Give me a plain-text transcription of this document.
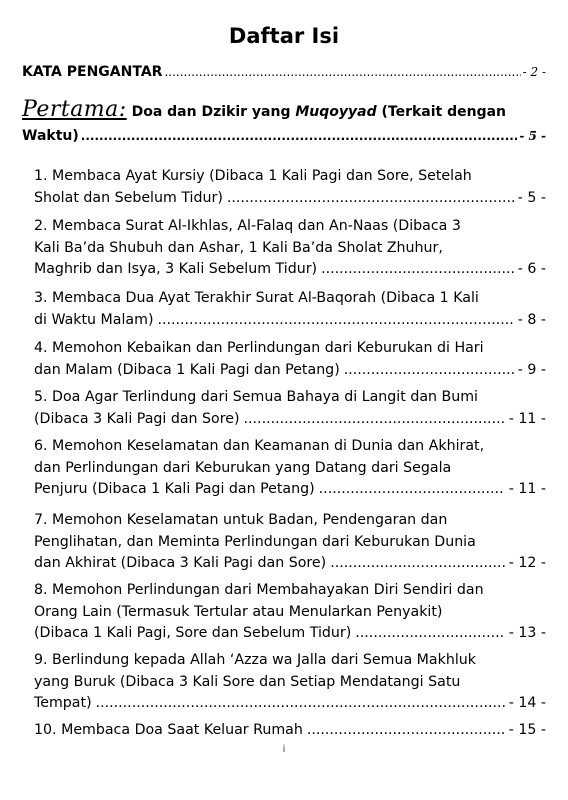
Daftar Isi
KATA PENGANTAR .....	- 2 -
Pertama: Doa dan Dzikir yang Muqoyyad (Terkait dengan
Waktu) .....	- 5 -
1. Membaca Ayat Kursiy (Dibaca 1 Kali Pagi dan Sore, Setelah
Sholat dan Sebelum Tidur) .....	- 5 -
2. Membaca Surat Al-Ikhlas, Al-Falaq dan An-Naas (Dibaca 3
Kali Ba’da Shubuh dan Ashar, 1 Kali Ba’da Sholat Zhuhur,
Maghrib dan Isya, 3 Kali Sebelum Tidur) .....	- 6 -
3. Membaca Dua Ayat Terakhir Surat Al-Baqorah (Dibaca 1 Kali
di Waktu Malam) .....	- 8 -
4. Memohon Kebaikan dan Perlindungan dari Keburukan di Hari
dan Malam (Dibaca 1 Kali Pagi dan Petang) .....	- 9 -
5. Doa Agar Terlindung dari Semua Bahaya di Langit dan Bumi
(Dibaca 3 Kali Pagi dan Sore) .....	- 11 -
6. Memohon Keselamatan dan Keamanan di Dunia dan Akhirat,
dan Perlindungan dari Keburukan yang Datang dari Segala
Penjuru (Dibaca 1 Kali Pagi dan Petang) .....	- 11 -
7. Memohon Keselamatan untuk Badan, Pendengaran dan
Penglihatan, dan Meminta Perlindungan dari Keburukan Dunia
dan Akhirat (Dibaca 3 Kali Pagi dan Sore) .....	- 12 -
8. Memohon Perlindungan dari Membahayakan Diri Sendiri dan
Orang Lain (Termasuk Tertular atau Menularkan Penyakit)
(Dibaca 1 Kali Pagi, Sore dan Sebelum Tidur) .....	- 13 -
9. Berlindung kepada Allah ‘Azza wa Jalla dari Semua Makhluk
yang Buruk (Dibaca 3 Kali Sore dan Setiap Mendatangi Satu
Tempat) .....	- 14 -
10. Membaca Doa Saat Keluar Rumah .....	- 15 -
i
